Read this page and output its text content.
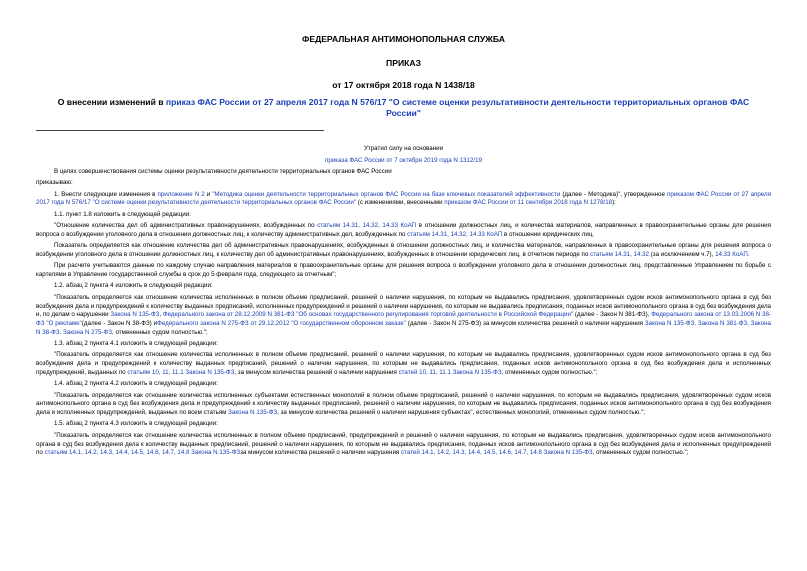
ФЕДЕРАЛЬНАЯ АНТИМОНОПОЛЬНАЯ СЛУЖБА
ПРИКАЗ
от 17 октября 2018 года N 1438/18
О внесении изменений в приказ ФАС России от 27 апреля 2017 года N 576/17 "О системе оценки результативности деятельности территориальных органов ФАС России"
Утратил силу на основании
приказа ФАС России от 7 октября 2019 года N 1312/19

В целях совершенствования системы оценки результативности деятельности территориальных органов ФАС России

приказываю:

1. Внести следующие изменения в приложение N 2 и "Методика оценки деятельности территориальных органов ФАС России на базе ключевых показателей эффективности (далее - Методика)", утвержденное приказом ФАС России от 27 апреля 2017 года N 576/17 "О системе оценки результативности деятельности территориальных органов ФАС России" (с изменениями, внесенными приказом ФАС России от 11 сентября 2018 года N 1278/18):

1.1. пункт 1.8 изложить в следующей редакции:

"Отношение количества дел об административных правонарушениях, возбужденных по статьям 14.31, 14.32, 14.33 КоАП в отношении должностных лиц, и количества материалов, направленных в правоохранительные органы для решения вопроса о возбуждении уголовного дела в отношении должностных лиц, к количеству административных дел, возбужденных по статьям 14.31, 14.32, 14.33 КоАП в отношении юридических лиц.

Показатель определяется как отношение количества дел об административных правонарушениях, возбужденных в отношении должностных лиц, и количества материалов, направленных в правоохранительные органы для решения вопроса о возбуждении уголовного дела в отношении должностных лиц, к количеству дел об административных правонарушениях, возбужденных в отношении юридических лиц, в отчетном периоде по статьям 14.31, 14.32 (за исключением ч.7), 14.33 КоАП.

При расчете учитываются данные по каждому случаю направления материалов в правоохранительные органы для решения вопроса о возбуждении уголовного дела в отношении должностных лиц, представленные Управлением по борьбе с картелями в Управление государственной службы в срок до 5 февраля года, следующего за отчетным";

1.2. абзац 2 пункта 4 изложить в следующей редакции:

"Показатель определяется как отношение количества исполненных в полном объеме предписаний, решений о наличии нарушения, по которым не выдавались предписания, удовлетворенных судом исков антимонопольного органа в суд без возбуждения дела и предупреждений к количеству выданных предписаний, исполненных предупреждений и решений о наличии нарушения, по которым не выдавались предписания, поданных исков антимонопольного органа в суд без возбуждения дела и, по делам о нарушении Закона N 135-ФЗ, Федерального закона от 28.12.2009 N 381-ФЗ "Об основах государственного регулирования торговой деятельности в Российской Федерации" (далее - Закон N 381-ФЗ), Федерального закона от 13.03.2006 N 38-ФЗ "О рекламе"(далее - Закон N 38-ФЗ) иФедерального закона N 275-ФЗ от 29.12.2012 "О государственном оборонном заказе" (далее - Закон N 275-ФЗ) за минусом количества решений о наличии нарушения Закона N 135-ФЗ, Закона N 381-ФЗ, Закона N 38-ФЗ, Закона N 275-ФЗ, отмененных судом полностью.";

1.3. абзац 2 пункта 4.1 изложить в следующей редакции:

"Показатель определяется как отношение количества исполненных в полном объеме предписаний, решений о наличии нарушения, по которым не выдавались предписания, удовлетворенных судом исков антимонопольного органа в суд без возбуждения дела и предупреждений к количеству выданных предписаний, решений о наличии нарушения, по которым не выдавались предписания, поданных исков антимонопольного органа в суд без возбуждения дела и исполненных предупреждений, выданных по статьям 10, 11, 11.1 Закона N 135-ФЗ, за минусом количества решений о наличии нарушения статей 10, 11, 11.1 Закона N 135-ФЗ, отмененных судом полностью.";

1.4. абзац 2 пункта 4.2 изложить в следующей редакции:

"Показатель определяется как отношение количества исполненных субъектами естественных монополий в полном объеме предписаний, решений о наличии нарушения, по которым не выдавались предписания, удовлетворенных судом исков антимонопольного органа в суд без возбуждения дела и предупреждений к количеству выданных предписаний, решений о наличии нарушения, по которым не выдавались предписания, поданных исков антимонопольного органа в суд без возбуждения дела и исполненных предупреждений, выданных по всем статьям Закона N 135-ФЗ, за минусом количества решений о наличии нарушения субъектах", естественных монополий, отмененных судом полностью.";

1.5. абзац 2 пункта 4.3 изложить в следующей редакции:

"Показатель определяется как отношение количества исполненных в полном объеме предписаний, предупреждений и решений о наличии нарушения, по которым не выдавались предписания, удовлетворенных судом исков антимонопольного органа в суд без возбуждения дела к количеству выданных предписаний, решений о наличии нарушения, по которым не выдавались предписания, поданных исков антимонопольного органа в суд без возбуждения дела и исполненных предупреждений по статьям 14.1, 14.2, 14.3, 14.4, 14.5, 14.6, 14.7, 14.8 Закона N 135-ФЗза минусом количества решений о наличии нарушения статей 14.1, 14.2, 14.3, 14.4, 14.5, 14.6, 14.7, 14.8 Закона N 135-ФЗ, отмененных судом полностью.";
